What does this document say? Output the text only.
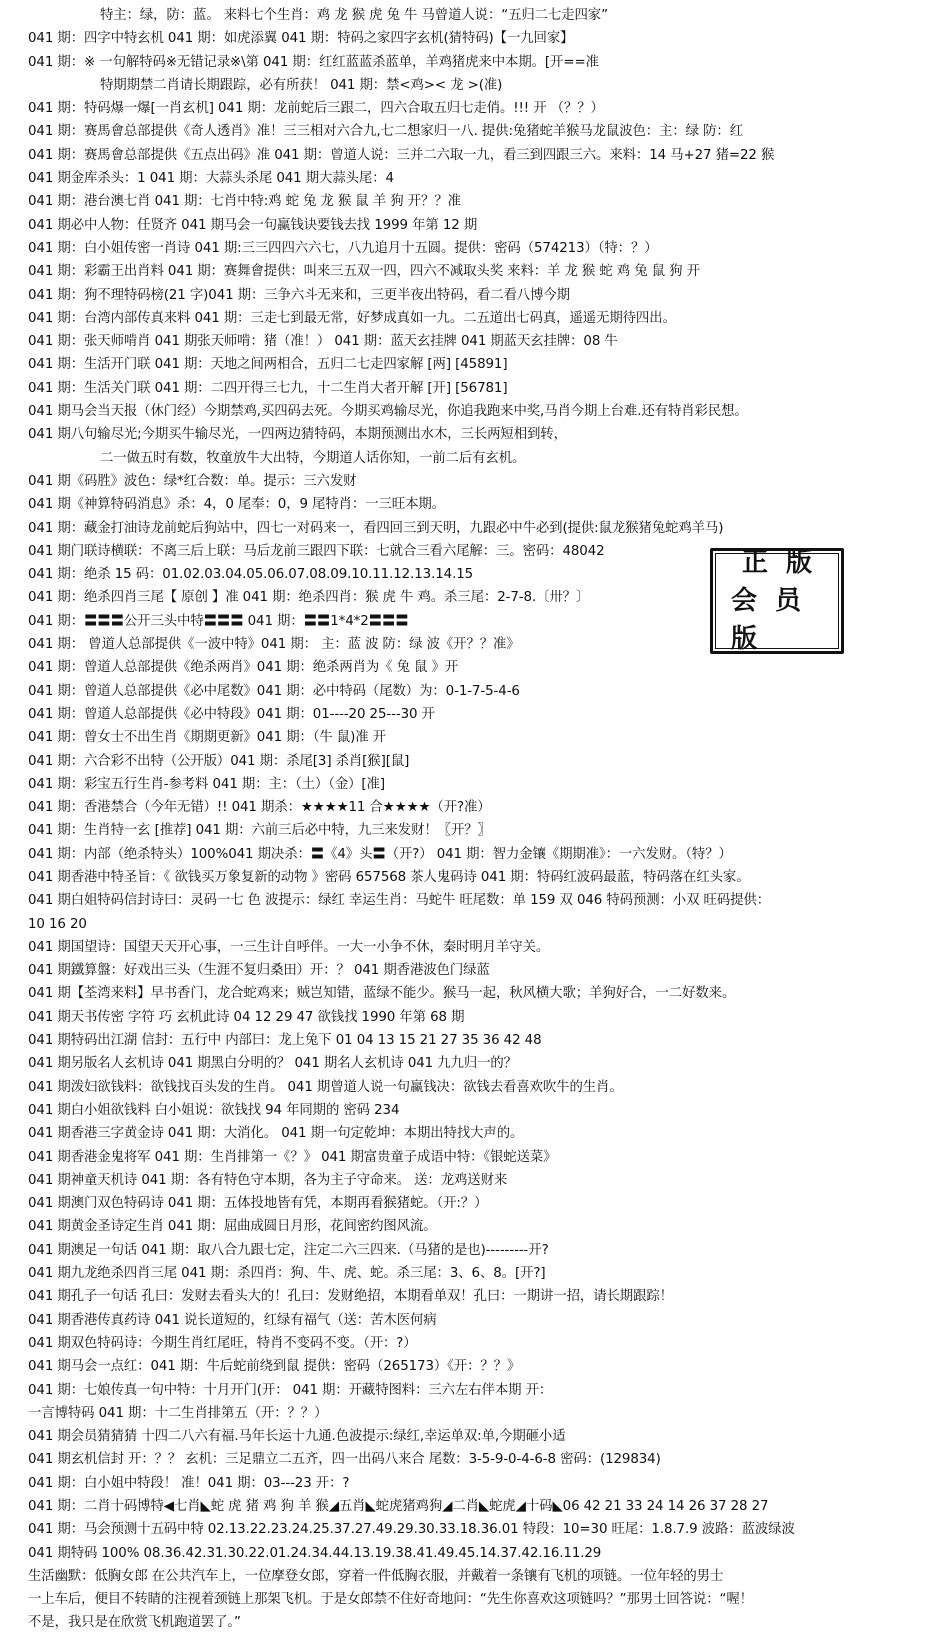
特主：绿，防：蓝。 来料七个生肖：鸡 龙 猴 虎 兔 牛 马曾道人说：“五归二七走四家”
041 期：四字中特玄机 041 期：如虎添翼 041 期：特码之家四字玄机(猜特码)【一九回家】
041 期：※ 一句解特码※无错记录※\第 041 期：红红蓝蓝杀蓝单，羊鸡猪虎来中本期。[开==准
特期期禁二肖请长期跟踪，必有所获！ 041 期：禁<鸡>< 龙 >(准)
041 期：特码爆一爆[一肖玄机] 041 期：龙前蛇后三跟二，四六合取五归七走俏。!!! 开 （？？）
041 期：赛馬會总部提供《奇人透肖》准！三三相对六合九,七二想家归一八. 提供:兔猪蛇羊猴马龙鼠波色：主：绿 防：红
041 期：赛馬會总部提供《五点出码》准 041 期：曾道人说：三并二六取一九，看三到四跟三六。来料：14 马+27 猪=22 猴
041 期金库杀头：1 041 期：大蒜头杀尾 041 期大蒜头尾：4
041 期：港台澳七肖 041 期：七肖中特:鸡 蛇 兔 龙 猴 鼠 羊 狗 开？？准
041 期必中人物：任贤齐 041 期马会一句赢钱诀要钱去找 1999 年第 12 期
041 期：白小姐传密一肖诗 041 期:三三四四六六七，八九追月十五圆。提供：密码（574213）（特：？）
041 期：彩霸王出肖料 041 期：赛舞會提供：叫来三五双一四，四六不减取头奖 来料：羊 龙 猴 蛇 鸡 兔 鼠 狗 开
041 期：狗不理特码榜(21 字)041 期：三争六斗无来和，三更半夜出特码，看二看八博今期
041 期：台湾内部传真来料 041 期：三走七到最无常，好梦成真如一九。二五道出七码真，遥遥无期待四出。
041 期：张天师啃肖 041 期张天师啃：猪（准！） 041 期：蓝天玄挂牌 041 期蓝天玄挂牌：08 牛
041 期：生活开门联 041 期：天地之间两相合，五归二七走四家解 [两] [45891]
041 期：生活关门联 041 期：二四开得三七九，十二生肖大者开解 [开] [56781]
041 期马会当天报（休门经）今期禁鸡,买四码去死。今期买鸡输尽光，你追我跑来中奖,马肖今期上台难.还有特肖彩民想。
041 期八句输尽光;今期买牛输尽光，一四两边猜特码，本期预测出水木，三长两短相到转，
二一做五时有数，牧童放牛大出特，今期道人话你知，一前二后有玄机。
041 期《码胜》波色：绿*红合数：单。提示：三六发财
041 期《神算特码消息》杀：4，0 尾奉：0，9 尾特肖：一三旺本期。
041 期：藏金打油诗龙前蛇后狗站中，四七一对码来一，看四回三到天明，九跟必中牛必到(提供:鼠龙猴猪兔蛇鸡羊马)
041 期门联诗横联：不离三后上联：马后龙前三跟四下联：七就合三看六尾解：三。密码：48042
041 期：绝杀 15 码：01.02.03.04.05.06.07.08.09.10.11.12.13.14.15
041 期：绝杀四肖三尾【 原创 】准 041 期：绝杀四肖：猴 虎 牛 鸡。杀三尾：2-7-8.〔卅？〕
041 期：〓〓〓公开三头中特〓〓〓 041 期：〓〓1*4*2〓〓〓
041 期： 曾道人总部提供《一波中特》041 期： 主：蓝 波 防：绿 波《开？？准》
041 期：曾道人总部提供《绝杀两肖》041 期：绝杀两肖为《 兔 鼠 》开
041 期：曾道人总部提供《必中尾数》041 期：必中特码（尾数）为：0-1-7-5-4-6
041 期：曾道人总部提供《必中特段》041 期：01----20 25---30 开
041 期：曾女士不出生肖《期期更新》041 期：（牛 鼠)准 开
041 期：六合彩不出特（公开版）041 期：杀尾[3] 杀肖[猴][鼠]
041 期：彩宝五行生肖-参考料 041 期：主：（土）（金）[准]
041 期：香港禁合（今年无错）!! 041 期杀：★★★★11 合★★★★（开?准）
041 期：生肖特一玄 [推荐] 041 期：六前三后必中特，九三来发财！〖开？〗
041 期：内部（绝杀特头）100%041 期决杀：〓《4》头〓（开?） 041 期：智力金镶《期期准》：一六发财。（特？）
041 期香港中特圣旨：《 欲钱买万象复新的动物 》密码 657568 茶人鬼码诗 041 期：特码红波码最蓝，特码落在红头家。
041 期白姐特码信封诗曰：灵码一七 色 波提示：绿红 幸运生肖：马蛇牛 旺尾数：单 159 双 046 特码预测：小双 旺码提供：
10 16 20
041 期国望诗：国望天天开心事，一三生计自呼伴。一大一小争不休，秦时明月羊守关。
041 期鐵算盤：好戏出三头（生涯不复归桑田）开：？ 041 期香港波色门绿蓝
041 期【荃湾来料】早书香门，龙合蛇鸡来；贼岂知错，蓝绿不能少。猴马一起，秋风横大歌；羊狗好合，一二好数来。
041 期天书传密 字符 巧 玄机此诗 04 12 29 47 欲钱找 1990 年第 68 期
041 期特码出江湖 信封：五行中 内部曰：龙上兔下 01 04 13 15 21 27 35 36 42 48
041 期另版名人玄机诗 041 期黑白分明的？ 041 期名人玄机诗 041 九九归一的？
041 期泼妇欲钱料：欲钱找百头发的生肖。 041 期曾道人说一句赢钱决：欲钱去看喜欢吹牛的生肖。
041 期白小姐欲钱料 白小姐说：欲钱找 94 年同期的 密码 234
041 期香港三字黄金诗 041 期：大消化。 041 期一句定乾坤：本期出特找大声的。
041 期香港金鬼将军 041 期：生肖排第一《？》 041 期富贵童子成语中特：《银蛇送菜》
041 期神童天机诗 041 期：各有特色守本期，各为主子守命来。 送：龙鸡送财来
041 期澳门双色特码诗 041 期：五体投地皆有凭，本期再看猴猪蛇。（开:？）
041 期黄金圣诗定生肖 041 期：屈曲成圆日月形，花间密约图风流。
041 期澳足一句话 041 期：取八合九跟七定，注定二六三四来.（马猪的是也)---------开?
041 期九龙绝杀四肖三尾 041 期：杀四肖：狗、牛、虎、蛇。杀三尾：3、6、8。[开?]
041 期孔子一句话 孔曰：发财去看头大的！孔曰：发财绝招，本期看单双！孔曰：一期讲一招，请长期跟踪！
041 期香港传真药诗 041 说长道短的，红绿有福气（送：苦木医何病
041 期双色特码诗：今期生肖红尾旺，特肖不变码不变。（开：?）
041 期马会一点红：041 期：牛后蛇前绕到鼠 提供：密码（265173）《开：？？》
041 期：七娘传真一句中特：十月开门(开： 041 期：开藏特图料：三六左右伴本期 开：
一言博特码 041 期：十二生肖排第五（开：？？）
041 期会员猜猜猜 十四二八六有福.马年长运十九通.色波提示:绿红,幸运单双:单,今期砸小适
041 期玄机信封 开：？？ 玄机：三足鼎立二五齐，四一出码八来合 尾数：3-5-9-0-4-6-8 密码：(129834)
041 期：白小姐中特段！ 准！041 期：03---23 开：?
041 期：二肖十码博特◀七肖◣蛇 虎 猪 鸡 狗 羊 猴◢五肖◣蛇虎猪鸡狗◢二肖◣蛇虎◢十码◣06 42 21 33 24 14 26 37 28 27
041 期：马会预测十五码中特 02.13.22.23.24.25.37.27.49.29.30.33.18.36.01 特段：10=30 旺尾：1.8.7.9 波路：蓝波绿波
041 期特码 100% 08.36.42.31.30.22.01.24.34.44.13.19.38.41.49.45.14.37.42.16.11.29
生活幽默：低胸女郎 在公共汽车上，一位摩登女郎，穿着一件低胸衣服，并戴着一条镶有飞机的项链。一位年轻的男士
一上车后，便目不转睛的注视着颈链上那架飞机。于是女郎禁不住好奇地问：“先生你喜欢这项链吗？”那男士回答说：“喔！
不是，我只是在欣赏飞机跑道罢了。”
正版
会员版
